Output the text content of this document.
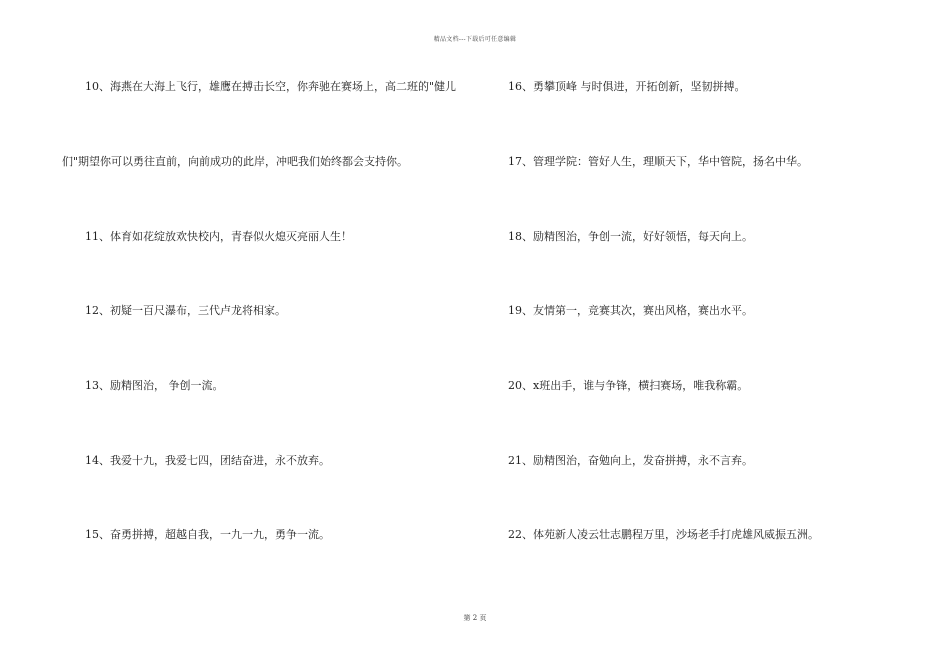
精品文档---下载后可任意编辑
10、海燕在大海上飞行，雄鹰在搏击长空，你奔驰在赛场上，高二班的"健儿
们"期望你可以勇往直前，向前成功的此岸，冲吧我们始终都会支持你。
11、体育如花绽放欢快校内，青春似火熄灭亮丽人生！
12、初疑一百尺瀑布，三代卢龙将相家。
13、励精图治， 争创一流。
14、我爱十九，我爱七四，团结奋进，永不放弃。
15、奋勇拼搏，超越自我，一九一九，勇争一流。
16、勇攀顶峰 与时俱进，开拓创新，坚韧拼搏。
17、管理学院：管好人生，理顺天下，华中管院，扬名中华。
18、励精图治，争创一流，好好领悟，每天向上。
19、友情第一，竞赛其次，赛出风格，赛出水平。
20、x班出手，谁与争锋，横扫赛场，唯我称霸。
21、励精图治，奋勉向上，发奋拼搏，永不言弃。
22、体苑新人凌云壮志鹏程万里，沙场老手打虎雄风威振五洲。
第 2 页
